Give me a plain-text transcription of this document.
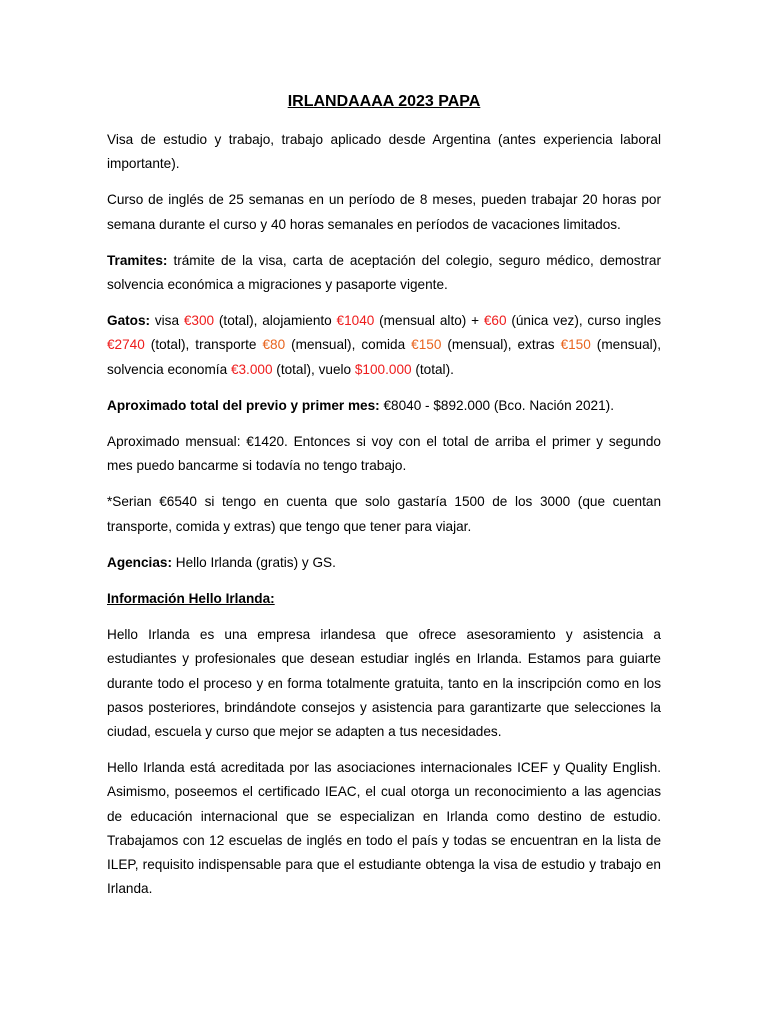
IRLANDAAAA 2023 PAPA

Visa de estudio y trabajo, trabajo aplicado desde Argentina (antes experiencia laboral importante).

Curso de inglés de 25 semanas en un período de 8 meses, pueden trabajar 20 horas por semana durante el curso y 40 horas semanales en períodos de vacaciones limitados.

Tramites: trámite de la visa, carta de aceptación del colegio, seguro médico, demostrar solvencia económica a migraciones y pasaporte vigente.

Gatos: visa €300 (total), alojamiento €1040 (mensual alto) + €60 (única vez), curso ingles €2740 (total), transporte €80 (mensual), comida €150 (mensual), extras €150 (mensual), solvencia economía €3.000 (total), vuelo $100.000 (total).

Aproximado total del previo y primer mes: €8040 - $892.000 (Bco. Nación 2021).

Aproximado mensual: €1420. Entonces si voy con el total de arriba el primer y segundo mes puedo bancarme si todavía no tengo trabajo.

*Serian €6540 si tengo en cuenta que solo gastaría 1500 de los 3000 (que cuentan transporte, comida y extras) que tengo que tener para viajar.

Agencias: Hello Irlanda (gratis) y GS.

Información Hello Irlanda:

Hello Irlanda es una empresa irlandesa que ofrece asesoramiento y asistencia a estudiantes y profesionales que desean estudiar inglés en Irlanda. Estamos para guiarte durante todo el proceso y en forma totalmente gratuita, tanto en la inscripción como en los pasos posteriores, brindándote consejos y asistencia para garantizarte que selecciones la ciudad, escuela y curso que mejor se adapten a tus necesidades.

Hello Irlanda está acreditada por las asociaciones internacionales ICEF y Quality English. Asimismo, poseemos el certificado IEAC, el cual otorga un reconocimiento a las agencias de educación internacional que se especializan en Irlanda como destino de estudio. Trabajamos con 12 escuelas de inglés en todo el país y todas se encuentran en la lista de ILEP, requisito indispensable para que el estudiante obtenga la visa de estudio y trabajo en Irlanda.
